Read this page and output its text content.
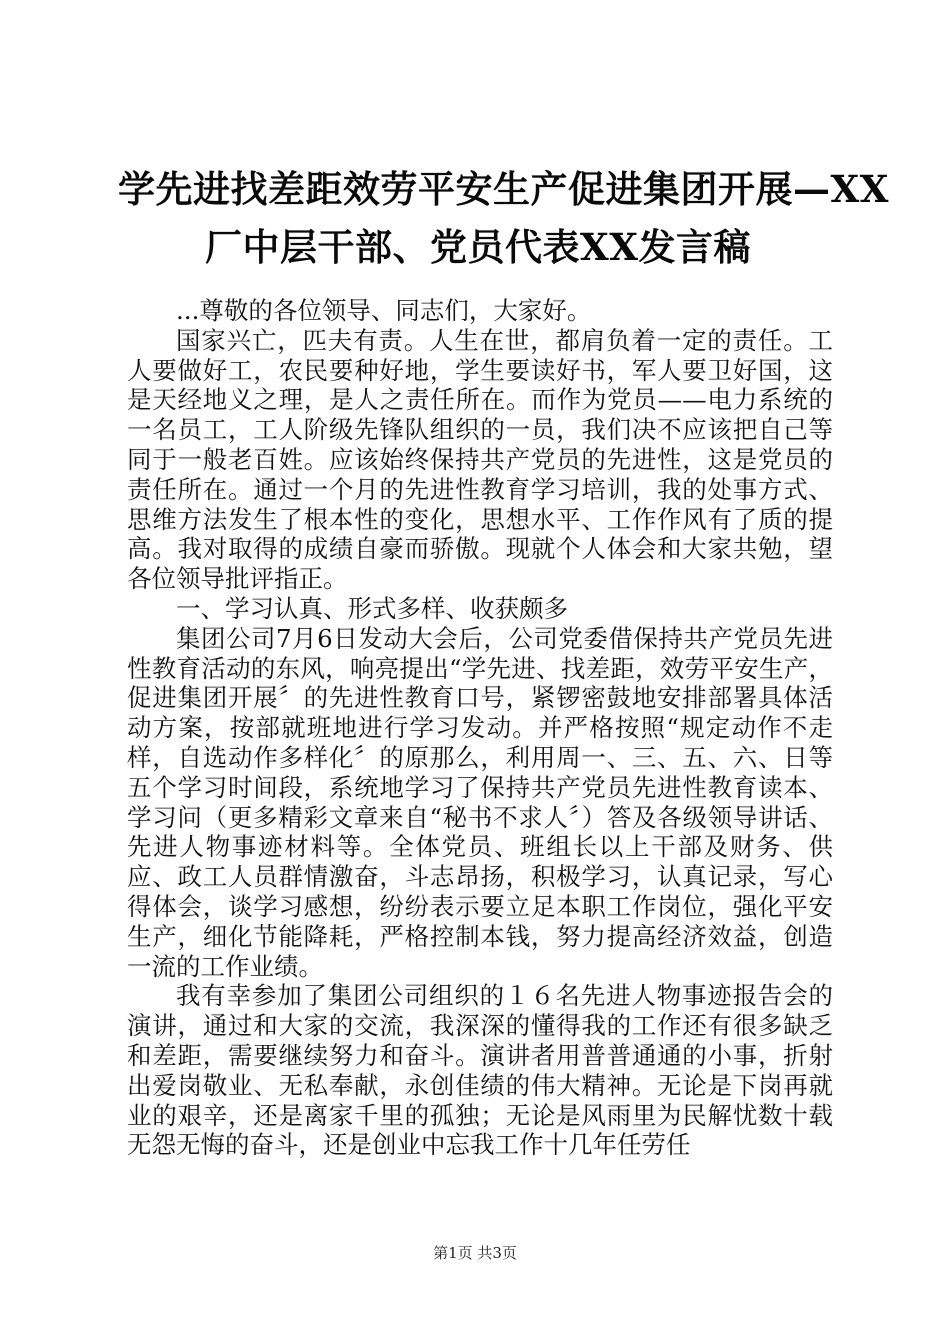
学先进找差距效劳平安生产促进集团开展—XX
厂中层干部、党员代表XX发言稿

...尊敬的各位领导、同志们，大家好。

国家兴亡，匹夫有责。人生在世，都肩负着一定的责任。工人要做好工，农民要种好地，学生要读好书，军人要卫好国，这是天经地义之理，是人之责任所在。而作为党员——电力系统的一名员工，工人阶级先锋队组织的一员，我们决不应该把自己等同于一般老百姓。应该始终保持共产党员的先进性，这是党员的责任所在。通过一个月的先进性教育学习培训，我的处事方式、思维方法发生了根本性的变化，思想水平、工作作风有了质的提高。我对取得的成绩自豪而骄傲。现就个人体会和大家共勉，望各位领导批评指正。

一、学习认真、形式多样、收获颇多

集团公司7月6日发动大会后，公司党委借保持共产党员先进性教育活动的东风，响亮提出“学先进、找差距，效劳平安生产，促进集团开展〞的先进性教育口号，紧锣密鼓地安排部署具体活动方案，按部就班地进行学习发动。并严格按照“规定动作不走样，自选动作多样化〞的原那么，利用周一、三、五、六、日等五个学习时间段，系统地学习了保持共产党员先进性教育读本、学习问（更多精彩文章来自“秘书不求人〞）答及各级领导讲话、先进人物事迹材料等。全体党员、班组长以上干部及财务、供应、政工人员群情激奋，斗志昂扬，积极学习，认真记录，写心得体会，谈学习感想，纷纷表示要立足本职工作岗位，强化平安生产，细化节能降耗，严格控制本钱，努力提高经济效益，创造一流的工作业绩。

我有幸参加了集团公司组织的１６名先进人物事迹报告会的演讲，通过和大家的交流，我深深的懂得我的工作还有很多缺乏和差距，需要继续努力和奋斗。演讲者用普普通通的小事，折射出爱岗敬业、无私奉献，永创佳绩的伟大精神。无论是下岗再就业的艰辛，还是离家千里的孤独；无论是风雨里为民解忧数十载无怨无悔的奋斗，还是创业中忘我工作十几年任劳任

第1页 共3页
